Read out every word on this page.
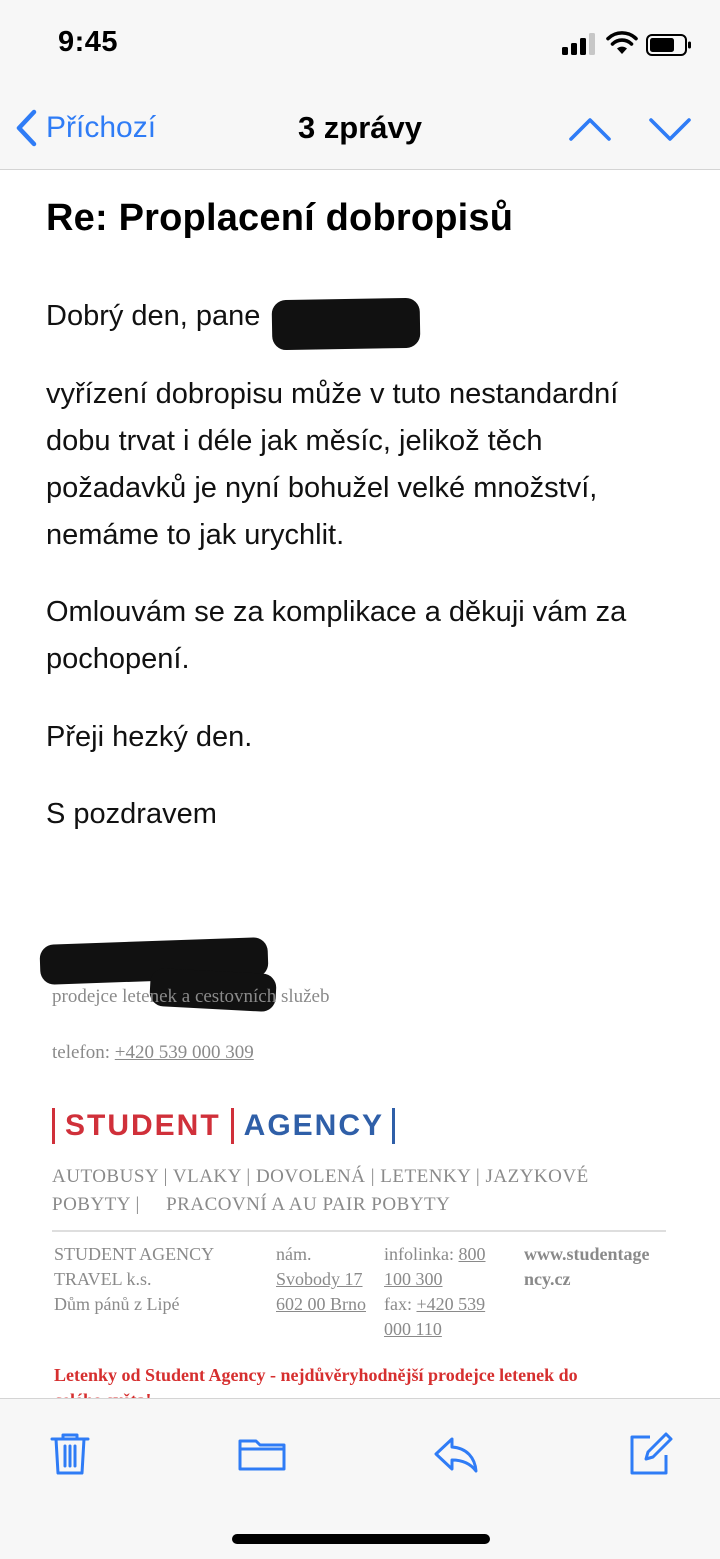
9:45
Příchozí	3 zprávy
Re: Proplacení dobropisů
Dobrý den, pane
vyřízení dobropisu může v tuto nestandardní dobu trvat i déle jak měsíc, jelikož těch požadavků je nyní bohužel velké množství, nemáme to jak urychlit.
Omlouvám se za komplikace a děkuji vám za pochopení.
Přeji hezký den.
S pozdravem
prodejce letenek a cestovních služeb
telefon: +420 539 000 309
STUDENT AGENCY
AUTOBUSY | VLAKY | DOVOLENÁ | LETENKY | JAZYKOVÉ
POBYTY |     PRACOVNÍ A AU PAIR POBYTY
STUDENT AGENCY
TRAVEL k.s.
Dům pánů z Lipé
nám.
Svobody 17
602 00 Brno
infolinka: 800
100 300
fax: +420 539
000 110
www.studentage
ncy.cz
Letenky od Student Agency - nejdůvěryhodnější prodejce letenek do
